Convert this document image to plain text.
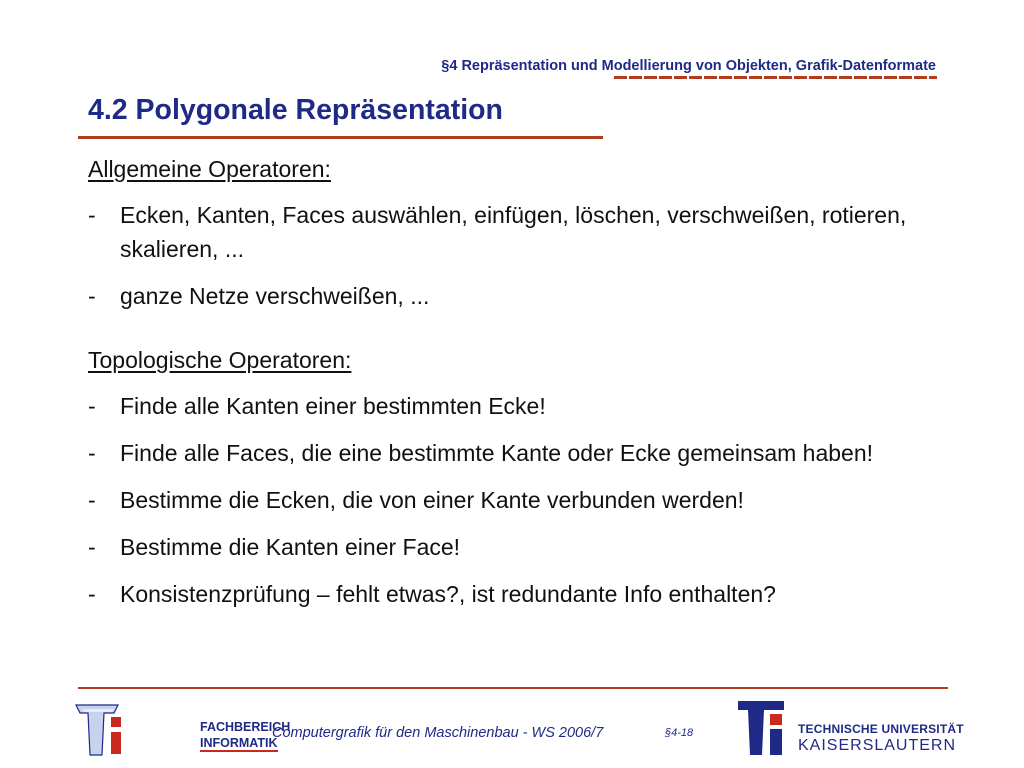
§4 Repräsentation und Modellierung von Objekten, Grafik-Datenformate
4.2 Polygonale Repräsentation
Allgemeine Operatoren:
-	Ecken, Kanten, Faces auswählen, einfügen, löschen, verschweißen, rotieren, skalieren, ...
-	ganze Netze verschweißen, ...
Topologische Operatoren:
-	Finde alle Kanten einer bestimmten Ecke!
-	Finde alle Faces, die eine bestimmte Kante oder Ecke gemeinsam haben!
-	Bestimme die Ecken, die von einer Kante verbunden werden!
-	Bestimme die Kanten einer Face!
-	Konsistenzprüfung – fehlt etwas?, ist redundante Info enthalten?
FACHBEREICH
INFORMATIK
Computergrafik für den Maschinenbau - WS 2006/7	§4-18	TECHNISCHE UNIVERSITÄT
KAISERSLAUTERN
